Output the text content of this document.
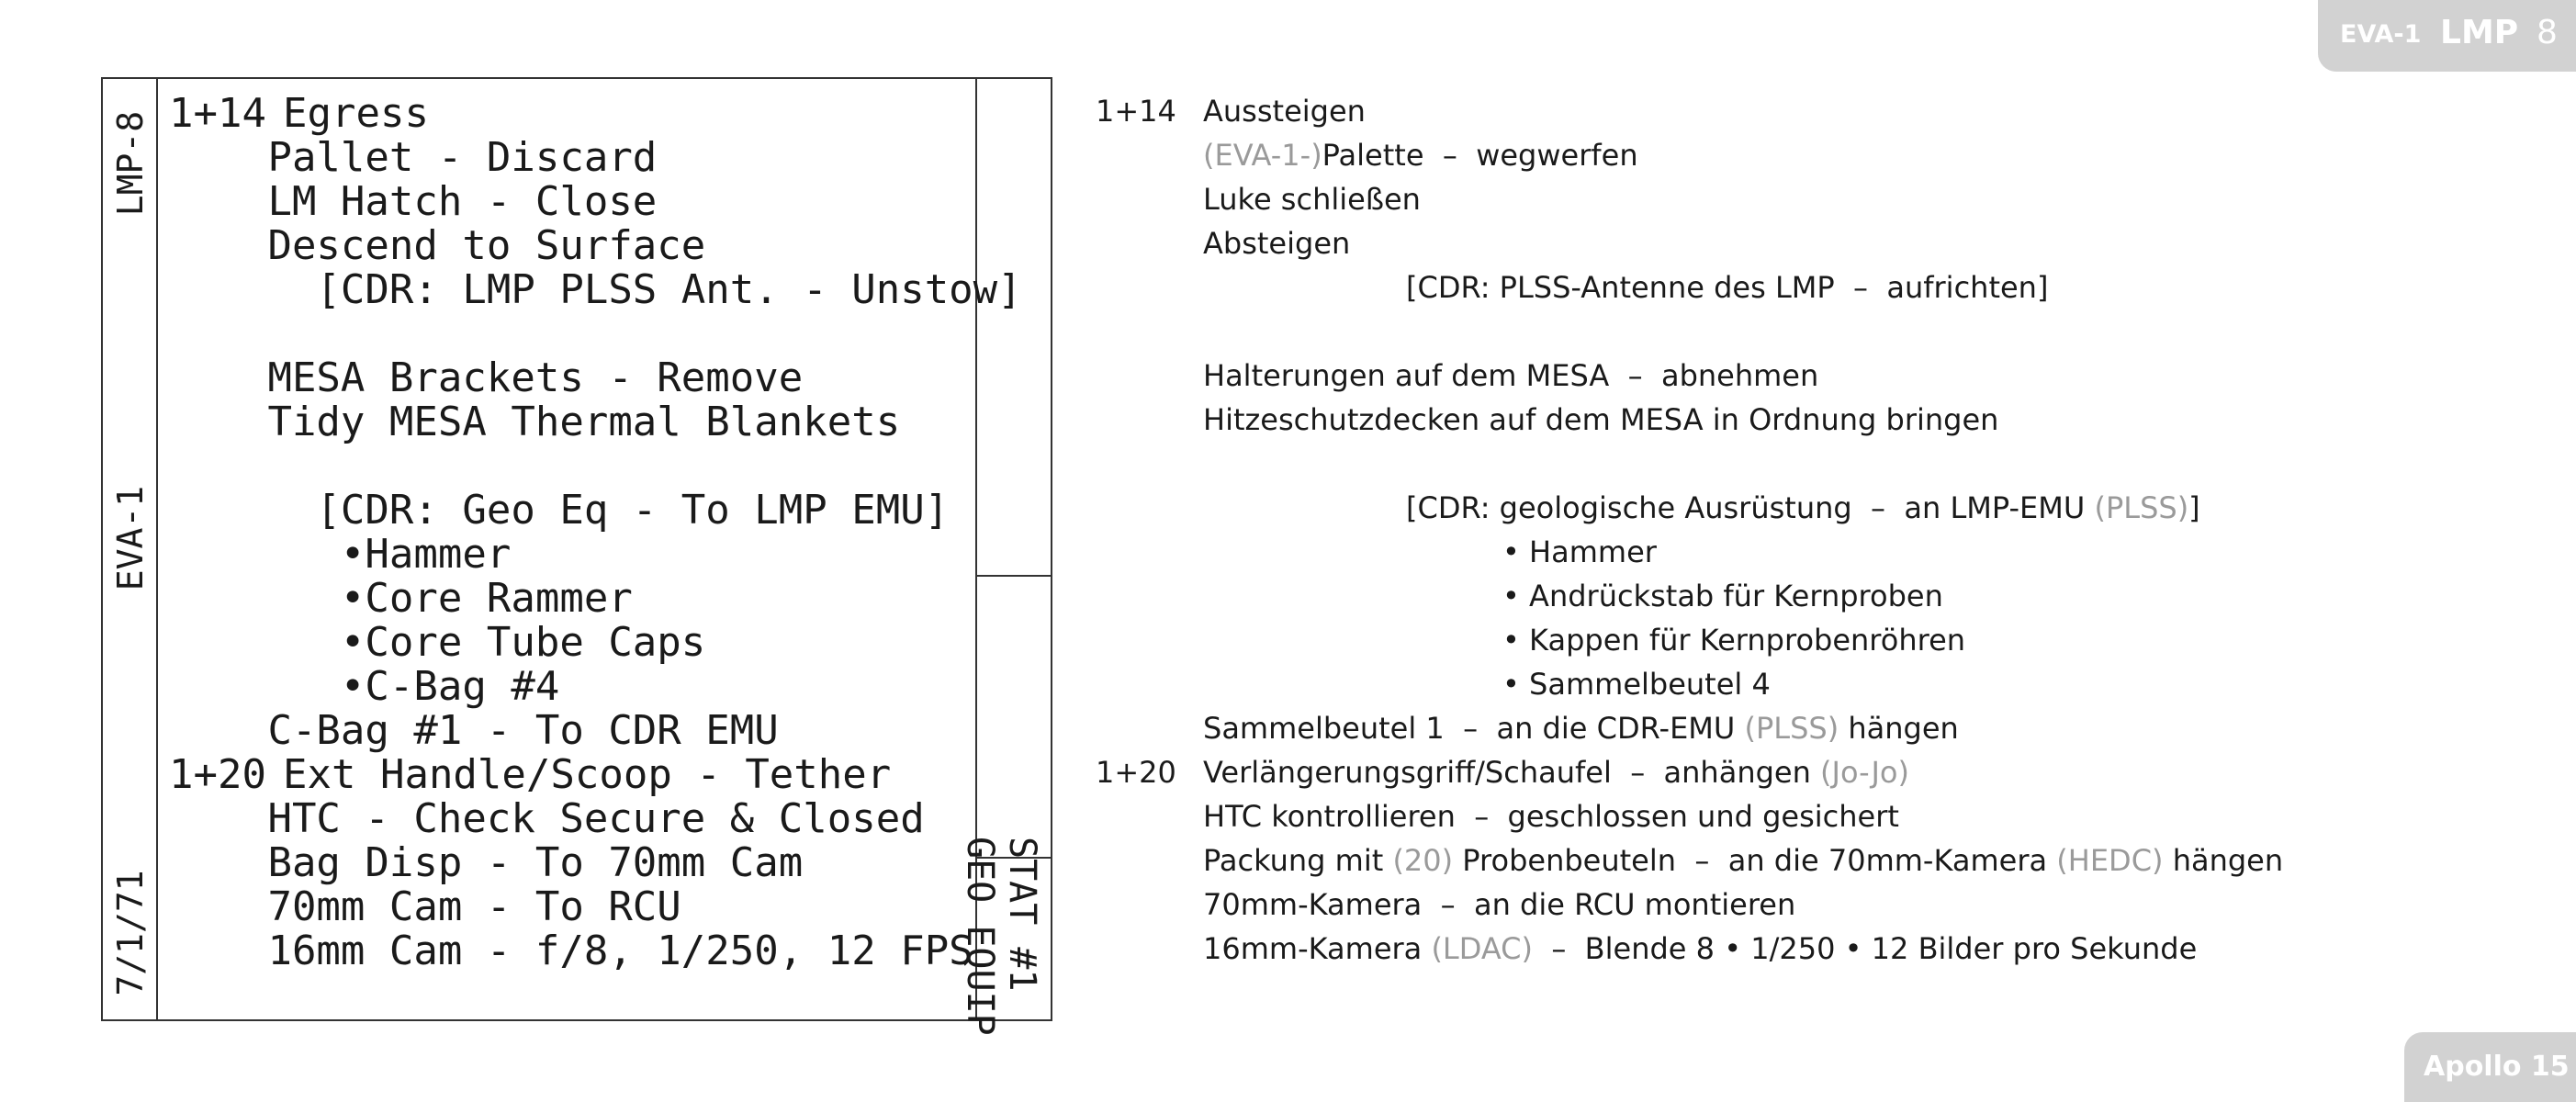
EVA-1 LMP 8
Apollo 15
LMP-8
EVA-1
7/1/71
1+14 Egress
Pallet - Discard
LM Hatch - Close
Descend to Surface
[CDR: LMP PLSS Ant. - Unstow]
MESA Brackets - Remove
Tidy MESA Thermal Blankets
[CDR: Geo Eq - To LMP EMU]
•Hammer
•Core Rammer
•Core Tube Caps
•C-Bag #4
C-Bag #1 - To CDR EMU
1+20 Ext Handle/Scoop - Tether
HTC - Check Secure & Closed
Bag Disp - To 70mm Cam
70mm Cam - To RCU
16mm Cam - f/8, 1/250, 12 FPS STAT #1
GEO EQUIP
1+14 Aussteigen
(EVA-1-)Palette  –  wegwerfen
Luke schließen
Absteigen
[CDR: PLSS-Antenne des LMP  –  aufrichten]
Halterungen auf dem MESA  –  abnehmen
Hitzeschutzdecken auf dem MESA in Ordnung bringen
[CDR: geologische Ausrüstung  –  an LMP-EMU (PLSS)]
• Hammer
• Andrückstab für Kernproben
• Kappen für Kernprobenröhren
• Sammelbeutel 4
Sammelbeutel 1  –  an die CDR-EMU (PLSS) hängen
1+20 Verlängerungsgriff/Schaufel  –  anhängen (Jo-Jo)
HTC kontrollieren  –  geschlossen und gesichert
Packung mit (20) Probenbeuteln  –  an die 70mm-Kamera (HEDC) hängen
70mm-Kamera  –  an die RCU montieren
16mm-Kamera (LDAC)  –  Blende 8 • 1/250 • 12 Bilder pro Sekunde
